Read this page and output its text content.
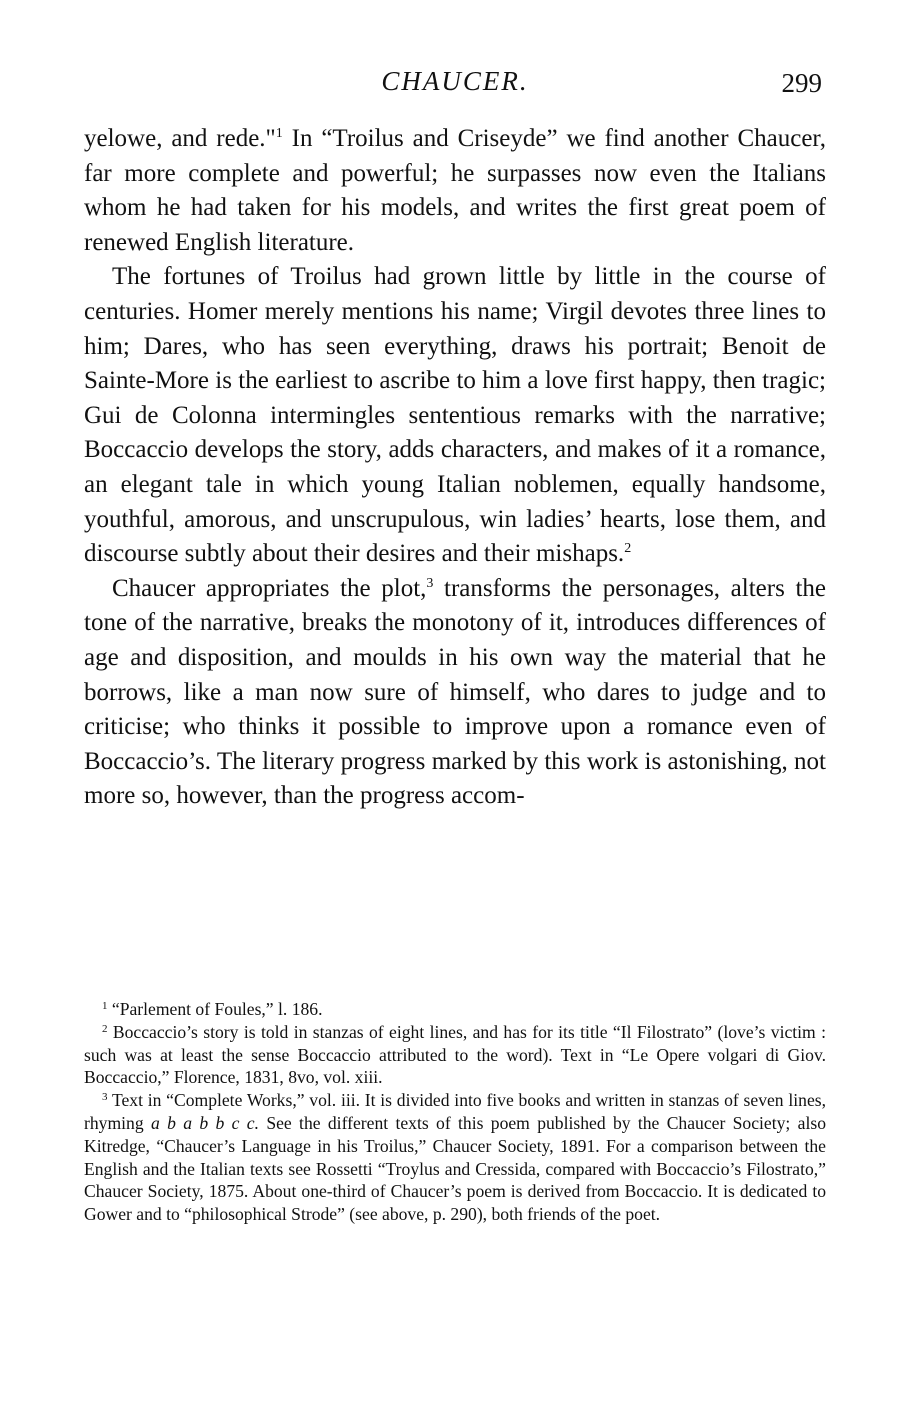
CHAUCER.	299

yelowe, and rede."$^1$ In “Troilus and Criseyde” we find another Chaucer, far more complete and powerful; he surpasses now even the Italians whom he had taken for his models, and writes the first great poem of renewed English literature.

The fortunes of Troilus had grown little by little in the course of centuries. Homer merely mentions his name; Virgil devotes three lines to him; Dares, who has seen everything, draws his portrait; Benoit de Sainte-More is the earliest to ascribe to him a love first happy, then tragic; Gui de Colonna intermingles sententious remarks with the narrative; Boccaccio develops the story, adds characters, and makes of it a romance, an elegant tale in which young Italian noblemen, equally handsome, youthful, amorous, and unscrupulous, win ladies’ hearts, lose them, and discourse subtly about their desires and their mishaps.$^2$

Chaucer appropriates the plot,$^3$ transforms the personages, alters the tone of the narrative, breaks the monotony of it, introduces differences of age and disposition, and moulds in his own way the material that he borrows, like a man now sure of himself, who dares to judge and to criticise; who thinks it possible to improve upon a romance even of Boccaccio’s. The literary progress marked by this work is astonishing, not more so, however, than the progress accom-

$^1$ “Parlement of Foules,” l. 186.

$^2$ Boccaccio’s story is told in stanzas of eight lines, and has for its title “Il Filostrato” (love’s victim : such was at least the sense Boccaccio attributed to the word). Text in “Le Opere volgari di Giov. Boccaccio,” Florence, 1831, 8vo, vol. xiii.

$^3$ Text in “Complete Works,” vol. iii. It is divided into five books and written in stanzas of seven lines, rhyming a b a b b c c. See the different texts of this poem published by the Chaucer Society; also Kitredge, “Chaucer’s Language in his Troilus,” Chaucer Society, 1891. For a comparison between the English and the Italian texts see Rossetti “Troylus and Cressida, compared with Boccaccio’s Filostrato,” Chaucer Society, 1875. About one-third of Chaucer’s poem is derived from Boccaccio. It is dedicated to Gower and to “philosophical Strode” (see above, p. 290), both friends of the poet.
